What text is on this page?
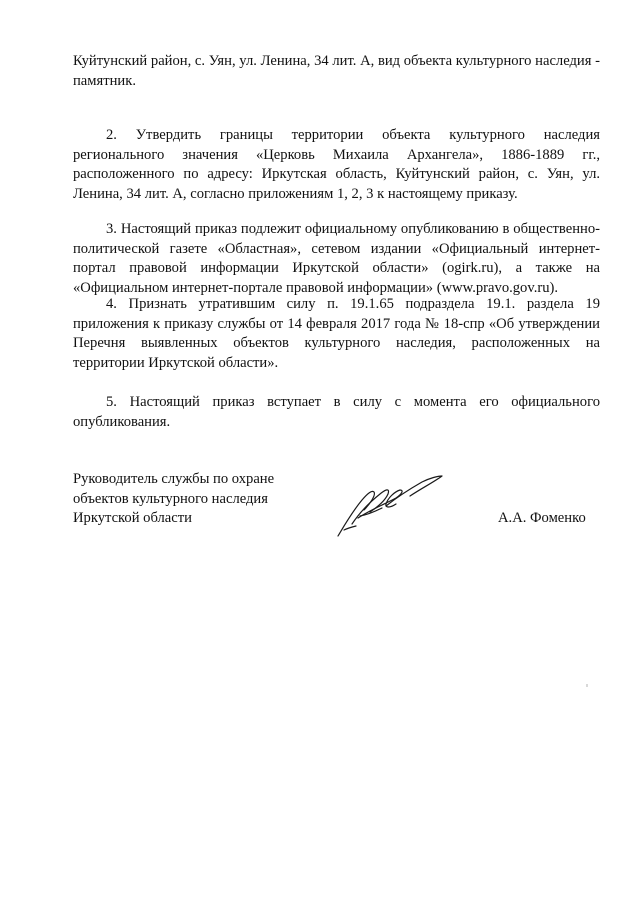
Куйтунский район, с. Уян, ул. Ленина, 34 лит. А, вид объекта культурного наследия - памятник.

2. Утвердить границы территории объекта культурного наследия регионального значения «Церковь Михаила Архангела», 1886-1889 гг., расположенного по адресу: Иркутская область, Куйтунский район, с. Уян, ул. Ленина, 34 лит. А, согласно приложениям 1, 2, 3 к настоящему приказу.

3. Настоящий приказ подлежит официальному опубликованию в общественно-политической газете «Областная», сетевом издании «Официальный интернет-портал правовой информации Иркутской области» (ogirk.ru), а также на «Официальном интернет-портале правовой информации» (www.pravo.gov.ru).

4. Признать утратившим силу п. 19.1.65 подраздела 19.1. раздела 19 приложения к приказу службы от 14 февраля 2017 года № 18-спр «Об утверждении Перечня выявленных объектов культурного наследия, расположенных на территории Иркутской области».

5. Настоящий приказ вступает в силу с момента его официального опубликования.

Руководитель службы по охране
объектов культурного наследия
Иркутской области	А.А. Фоменко
